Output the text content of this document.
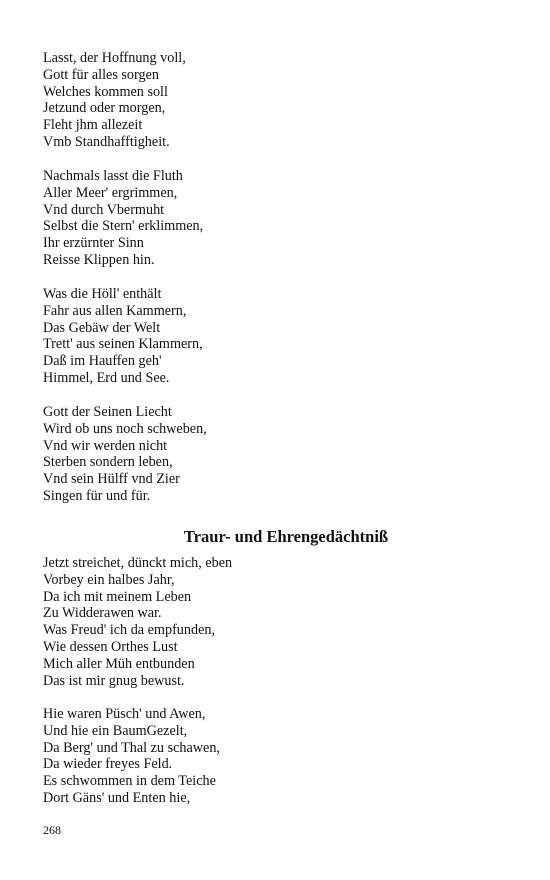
Lasst, der Hoffnung voll,
Gott für alles sorgen
Welches kommen soll
Jetzund oder morgen,
Fleht jhm allezeit
Vmb Standhafftigheit.
Nachmals lasst die Fluth
Aller Meer' ergrimmen,
Vnd durch Vbermuht
Selbst die Stern' erklimmen,
Ihr erzürnter Sinn
Reisse Klippen hin.
Was die Höll' enthält
Fahr aus allen Kammern,
Das Gebäw der Welt
Trett' aus seinen Klammern,
Daß im Hauffen geh'
Himmel, Erd und See.
Gott der Seinen Liecht
Wird ob uns noch schweben,
Vnd wir werden nicht
Sterben sondern leben,
Vnd sein Hülff vnd Zier
Singen für und für.
Traur- und Ehrengedächtniß
Jetzt streichet, dünckt mich, eben
Vorbey ein halbes Jahr,
Da ich mit meinem Leben
Zu Widderawen war.
Was Freud' ich da empfunden,
Wie dessen Orthes Lust
Mich aller Müh entbunden
Das ist mir gnug bewust.
Hie waren Püsch' und Awen,
Und hie ein BaumGezelt,
Da Berg' und Thal zu schawen,
Da wieder freyes Feld.
Es schwommen in dem Teiche
Dort Gäns' und Enten hie,
268
